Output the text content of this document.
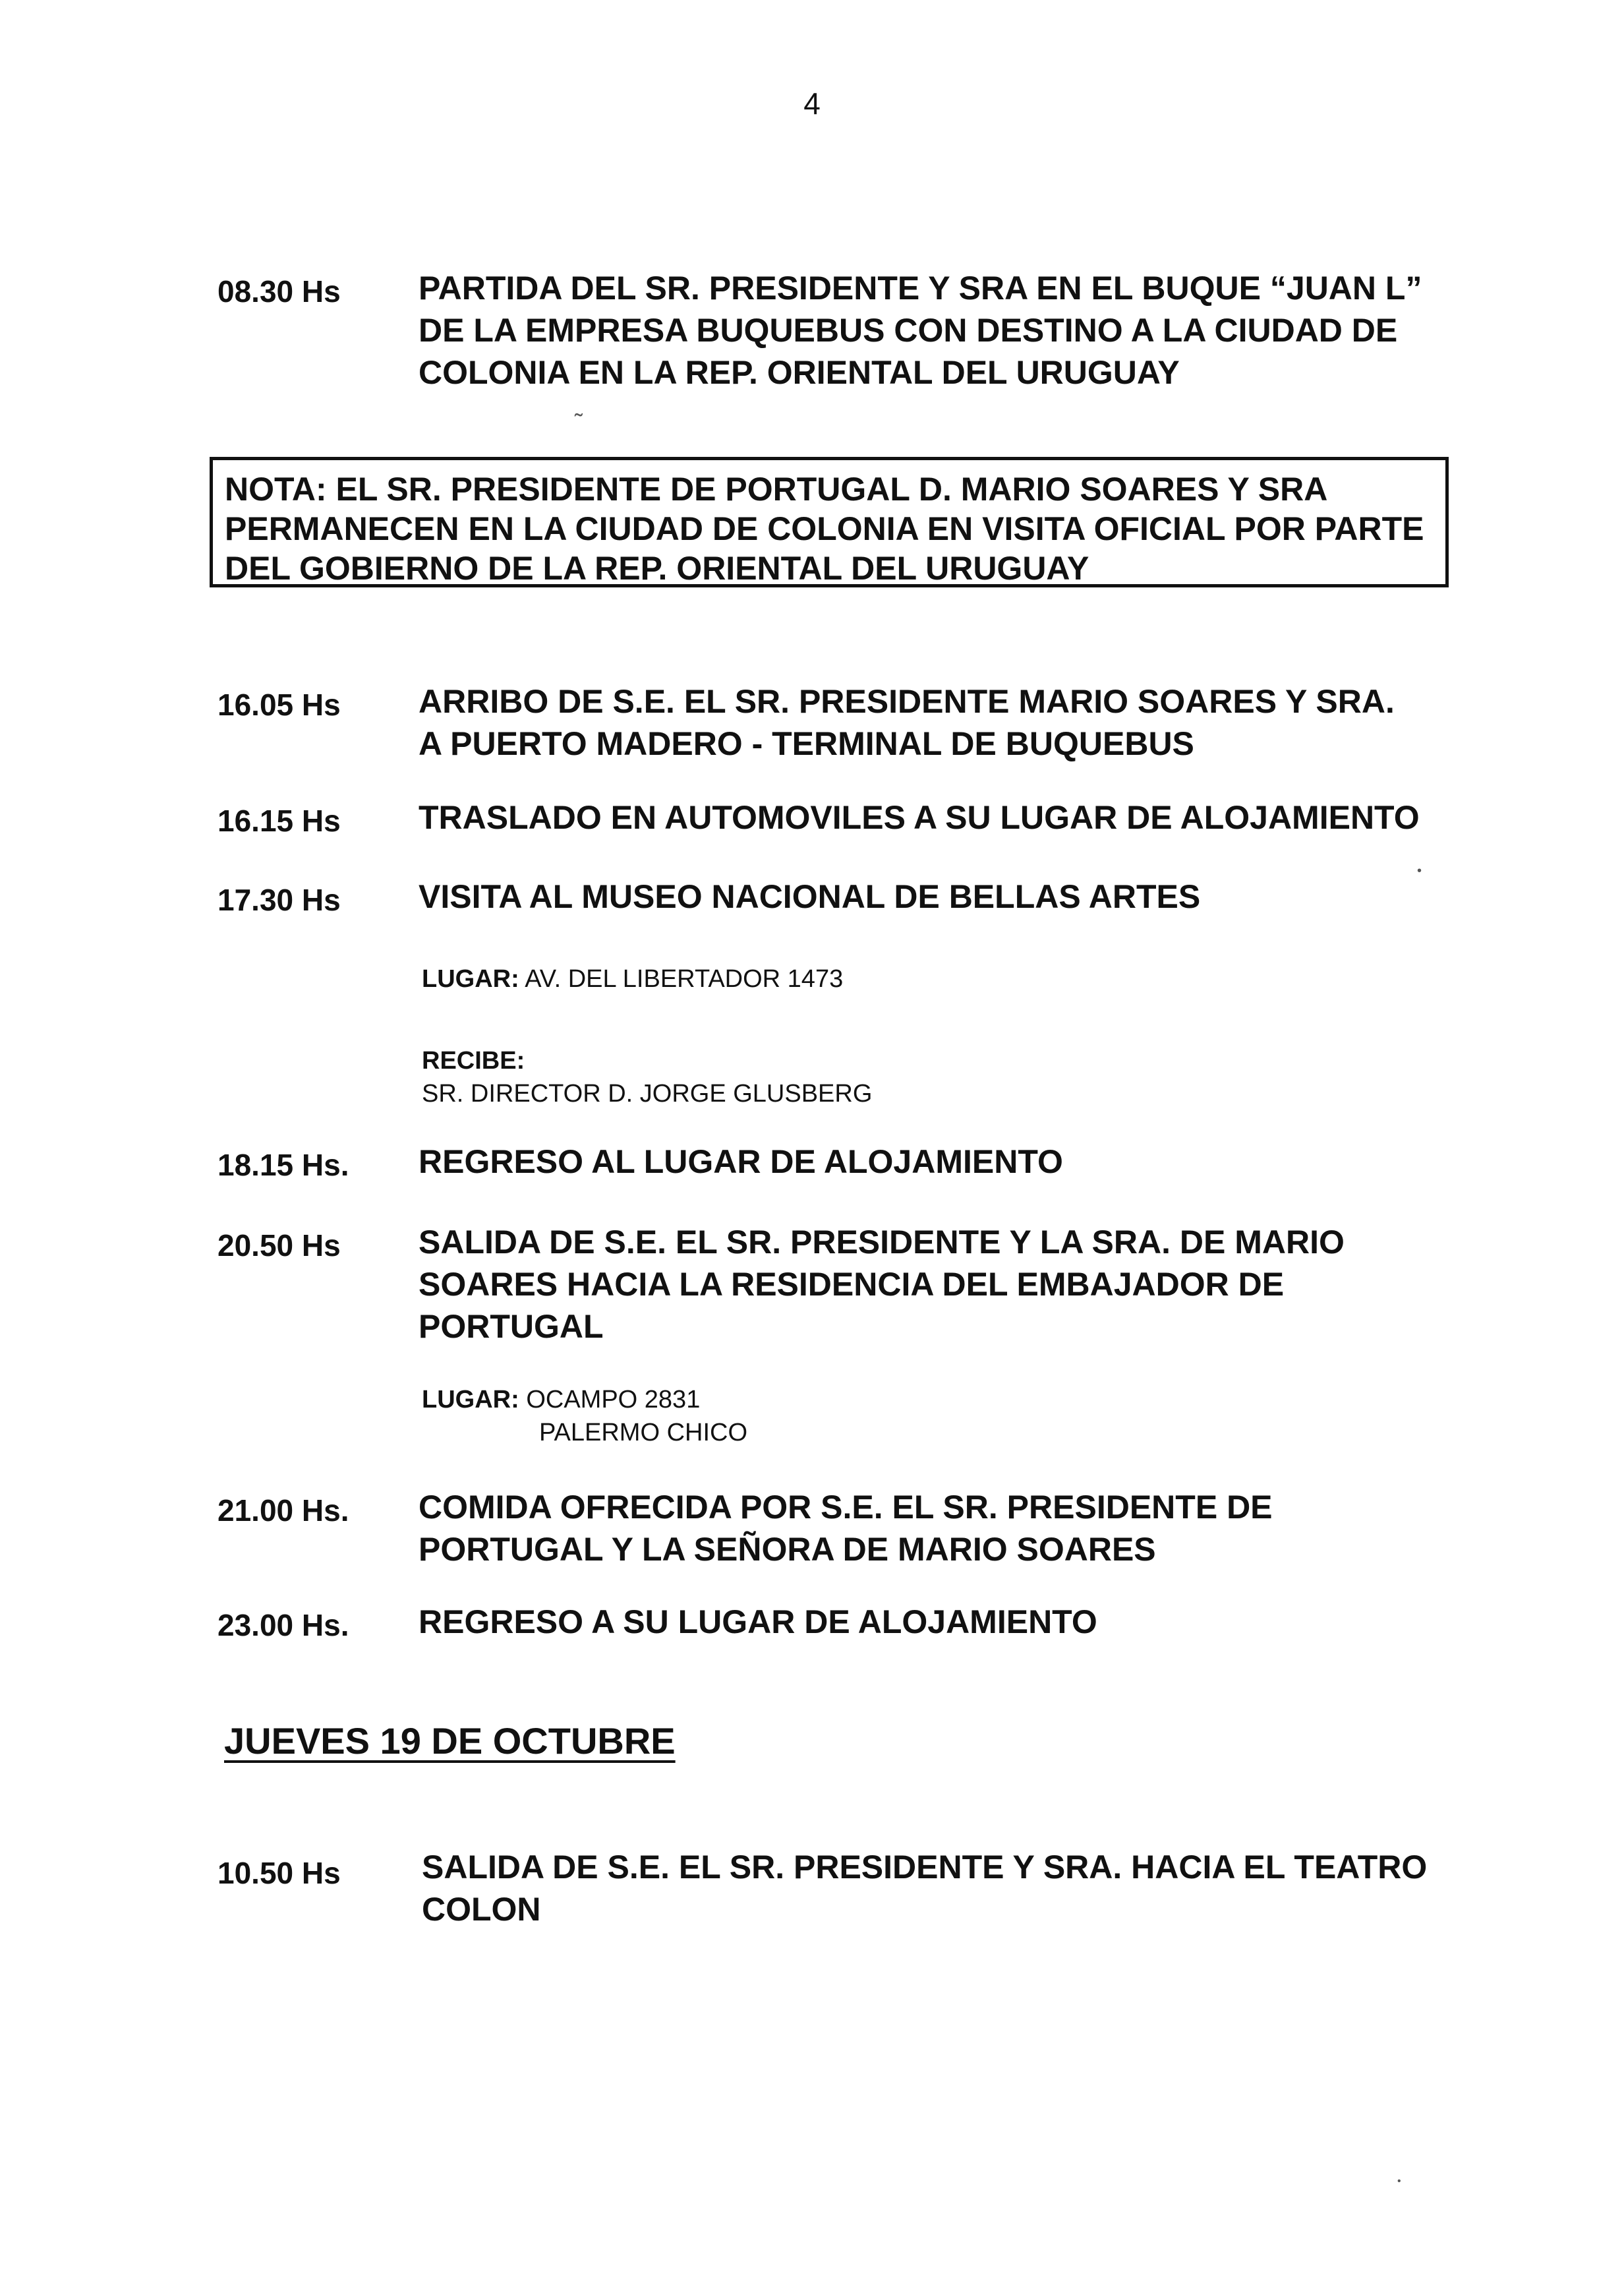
4
08.30 Hs	PARTIDA DEL SR. PRESIDENTE Y SRA EN EL BUQUE “JUAN L”
DE LA EMPRESA BUQUEBUS CON DESTINO A LA CIUDAD DE
COLONIA EN LA REP. ORIENTAL DEL URUGUAY
˜
NOTA: EL SR. PRESIDENTE DE PORTUGAL D. MARIO SOARES Y SRA
PERMANECEN EN LA CIUDAD DE COLONIA EN VISITA OFICIAL POR PARTE
DEL GOBIERNO DE LA REP. ORIENTAL DEL URUGUAY
16.05 Hs	ARRIBO DE S.E. EL SR. PRESIDENTE MARIO SOARES Y SRA.
A PUERTO MADERO - TERMINAL DE BUQUEBUS
16.15 Hs	TRASLADO EN AUTOMOVILES A SU LUGAR DE ALOJAMIENTO
17.30 Hs	VISITA AL MUSEO NACIONAL DE BELLAS ARTES
LUGAR: AV. DEL LIBERTADOR 1473
RECIBE:
SR. DIRECTOR D. JORGE GLUSBERG
18.15 Hs.	REGRESO AL LUGAR DE ALOJAMIENTO
20.50 Hs	SALIDA DE S.E. EL SR. PRESIDENTE Y LA SRA. DE MARIO
SOARES HACIA LA RESIDENCIA DEL EMBAJADOR DE
PORTUGAL
LUGAR: OCAMPO 2831
PALERMO CHICO
21.00 Hs.	COMIDA OFRECIDA POR S.E. EL SR. PRESIDENTE DE
PORTUGAL Y LA SEÑORA DE MARIO SOARES
23.00 Hs.	REGRESO A SU LUGAR DE ALOJAMIENTO
JUEVES 19 DE OCTUBRE
10.50 Hs	SALIDA DE S.E. EL SR. PRESIDENTE Y SRA. HACIA EL TEATRO
COLON
•
•
